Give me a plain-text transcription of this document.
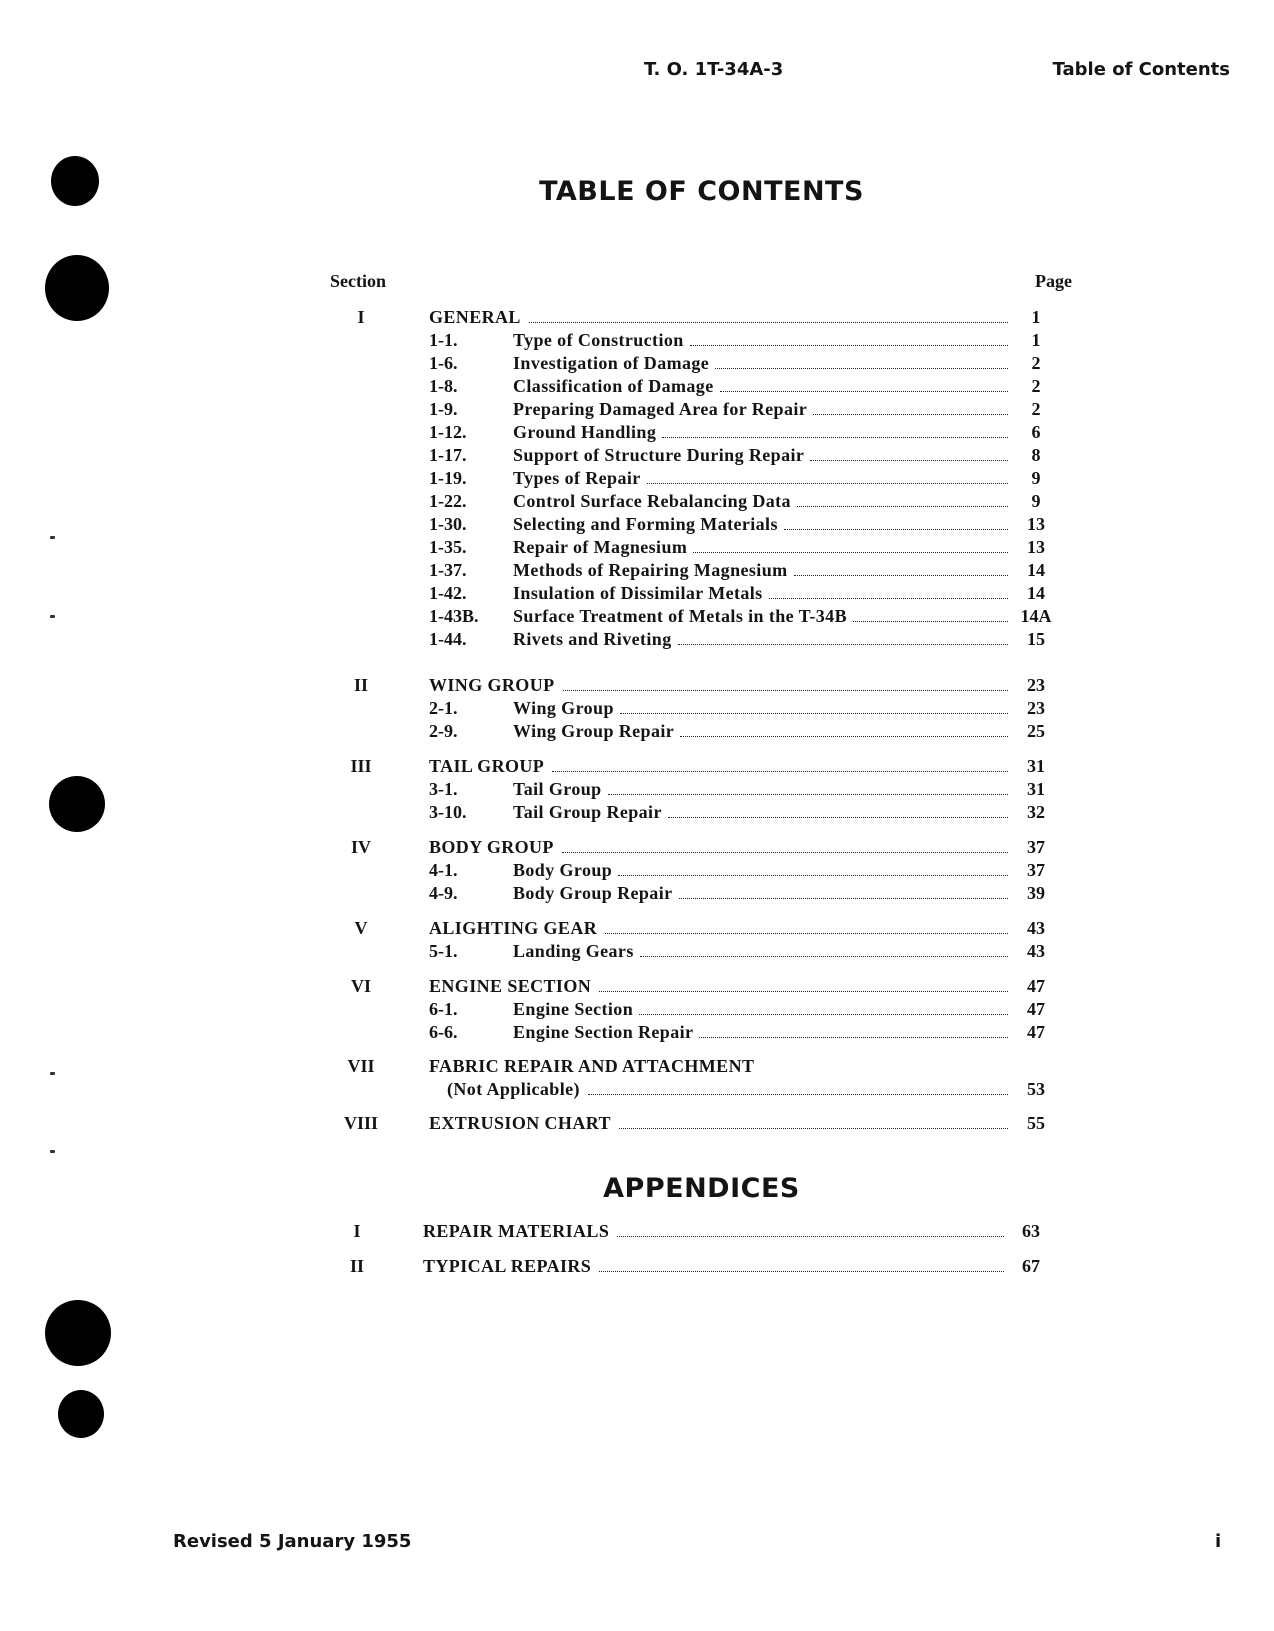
T. O. 1T-34A-3	Table of Contents
TABLE OF CONTENTS
Section	Page
I	GENERAL	1
1-1.	Type of Construction	1
1-6.	Investigation of Damage	2
1-8.	Classification of Damage	2
1-9.	Preparing Damaged Area for Repair	2
1-12.	Ground Handling	6
1-17.	Support of Structure During Repair	8
1-19.	Types of Repair	9
1-22.	Control Surface Rebalancing Data	9
1-30.	Selecting and Forming Materials	13
1-35.	Repair of Magnesium	13
1-37.	Methods of Repairing Magnesium	14
1-42.	Insulation of Dissimilar Metals	14
1-43B.	Surface Treatment of Metals in the T-34B	14A
1-44.	Rivets and Riveting	15
II	WING GROUP	23
2-1.	Wing Group	23
2-9.	Wing Group Repair	25
III	TAIL GROUP	31
3-1.	Tail Group	31
3-10.	Tail Group Repair	32
IV	BODY GROUP	37
4-1.	Body Group	37
4-9.	Body Group Repair	39
V	ALIGHTING GEAR	43
5-1.	Landing Gears	43
VI	ENGINE SECTION	47
6-1.	Engine Section	47
6-6.	Engine Section Repair	47
VII	FABRIC REPAIR AND ATTACHMENT
(Not Applicable)	53
VIII	EXTRUSION CHART	55
APPENDICES
I	REPAIR MATERIALS	63
II	TYPICAL REPAIRS	67
Revised 5 January 1955	i
